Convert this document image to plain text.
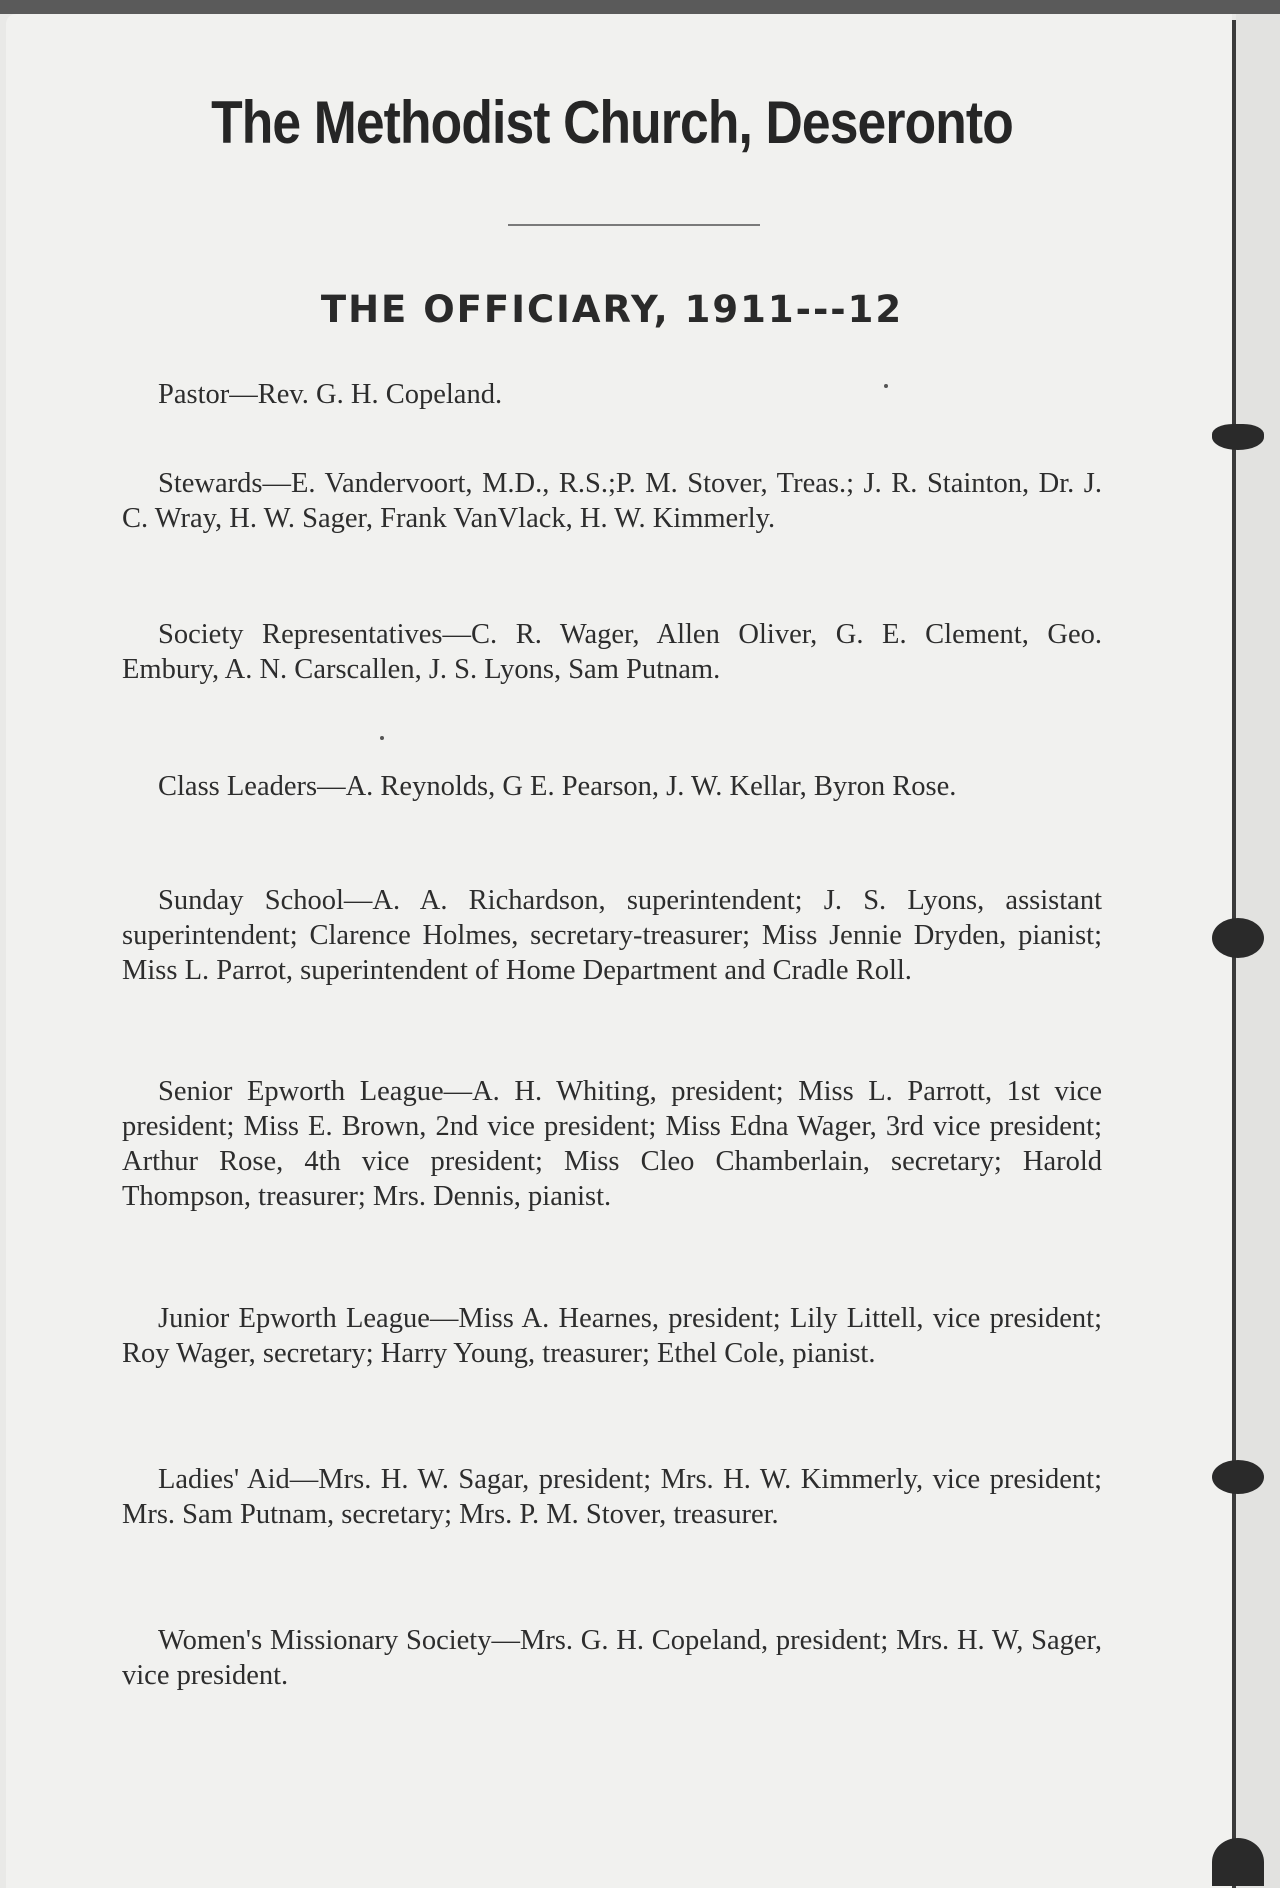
The Methodist Church, Deseronto
THE OFFICIARY, 1911---12
Pastor—Rev. G. H. Copeland.
Stewards—E. Vandervoort, M.D., R.S.;P. M. Stover, Treas.; J. R. Stainton, Dr. J. C. Wray, H. W. Sager, Frank VanVlack, H. W. Kimmerly.
Society Representatives—C. R. Wager, Allen Oliver, G. E. Clement, Geo. Embury, A. N. Carscallen, J. S. Lyons, Sam Putnam.
Class Leaders—A. Reynolds, G E. Pearson, J. W. Kellar, Byron Rose.
Sunday School—A. A. Richardson, superintendent; J. S. Lyons, assistant superintendent; Clarence Holmes, secretary-treasurer; Miss Jennie Dryden, pianist; Miss L. Parrot, superintendent of Home Department and Cradle Roll.
Senior Epworth League—A. H. Whiting, president; Miss L. Parrott, 1st vice president; Miss E. Brown, 2nd vice president; Miss Edna Wager, 3rd vice president; Arthur Rose, 4th vice president; Miss Cleo Chamberlain, secretary; Harold Thompson, treasurer; Mrs. Dennis, pianist.
Junior Epworth League—Miss A. Hearnes, president; Lily Littell, vice president; Roy Wager, secretary; Harry Young, treasurer; Ethel Cole, pianist.
Ladies' Aid—Mrs. H. W. Sagar, president; Mrs. H. W. Kimmerly, vice president; Mrs. Sam Putnam, secretary; Mrs. P. M. Stover, treasurer.
Women's Missionary Society—Mrs. G. H. Copeland, president; Mrs. H. W, Sager, vice president.
